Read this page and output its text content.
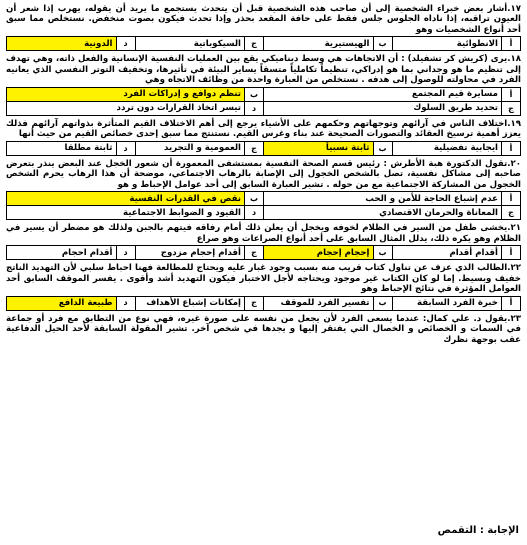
١٧.أشار بعض خبراء الشخصية إلى أن صاحب هذه الشخصية قبل أن يتحدث يستجمع ما يريد أن يقوله، يهرب إذا شعر أن العيون تراقبه، إذا ناداه الجلوس جلس فقط على حافة المقعد بحذر وإذا تحدث فيكون بصوت منخفض. نستخلص مما سبق أحد أنواع الشخصيات وهو

أ	الانطوائية	ب	الهيستيرية	ج	السيكوباتية	د	الدونية

١٨.يرى (كريش كر تشفيلد) : أن الاتجاهات هي وسط ديناميكي يقع بين العمليات النفسية الإنسانية والفعل ذاته، وهي تهدف إلى تنظيم ما هو وجداني بما هو إدراكي، تنظيماً تكاملياً متسقاً يساير البيئة في تأثيرها، وتخفيف التوتر النفسي الذي يعانيه الفرد في محاولته للوصول إلى هدفه . نستخلص من العبارة واحدة من وظائف الاتجاه وهي

أ	مسايرة قيم المجتمع	ب	تنظم دوافع و إدراكات الفرد
ج	تحديد طريق السلوك	د	تيسر اتخاذ القرارات دون تردد

١٩.اختلاف الناس في آرائهم وتوجهاتهم وحكمهم على الأشياء يرجع إلى أهم الاختلاف القيم المتأثرة بذواتهم آرائهم فذلك يعزز أهمية ترسيخ العقائد والتصورات الصحيحة عند بناء وغرس القيم. نستنتج مما سبق إحدى خصائص القيم من حيث أنها

أ	ايجابية تفضيلية	ب	ثابتة نسبياً	ج	العمومية و التجريد	د	ثابتة مطلقا

٢٠.تقول الدكتورة هبة الأطرش : رئيس قسم الصحة النفسية بمستشفى المعمورة أن شعور الخجل عند البعض ينذر بتعرض صاحبه إلى مشاكل نفسية، تصل بالشخص الخجول إلى الإصابة بالرهاب الاجتماعي، موضحة أن هذا الرهاب يحرم الشخص الخجول من المشاركة الاجتماعية مع من حوله . تشير العبارة السابق إلى أحد عوامل الإحباط و هو

أ	عدم إشباع الحاجة للأمن و الحب	ب	نقص في القدرات النفسية
ج	المعاناة والحرمان الاقتصادي	د	القيود و الضوابط الاجتماعية

٢١.يخشى طفل من السير في الظلام لخوفه ويخجل أن يعلن ذلك أمام رفاقه فيتهم بالجبن ولذلك هو مضطر أن يسير في الظلام وهو يكره ذلك، يدلل المثال السابق على أحد أنواع الصراعات وهو صراع

أ	أقدام أقدام	ب	إحجام إحجام	ج	أقدام إحجام مزدوج	د	أقدام احجام

٢٢.الطالب الذي عزف عن تناول كتاب قريب منه بسبب وجود غبار عليه ويحتاج للمطالعة فهنا احباط سلبي لأن التهديد الناتج خفيف وبسيط. إما لو كان الكتاب غير موجود ويحتاجه لأجل الاختبار فيكون التهديد أشد وأقوى . يفسر الموقف السابق أحد العوامل المؤثرة في نتائج الإحباط وهو

أ	خبرة الفرد السابقة	ب	تفسير الفرد للموقف	ج	إمكانات إشباع الأهداف	د	طبيعة الدافع

٢٣.يقول د. علي كمال: عندما يسعى الفرد لأن يجعل من نفسه على صورة غيره، فهي نوع من التطابق مع فرد أو جماعة في السمات و الخصائص و الخصال التي يفتقر إليها و يجدها في شخص آخر. تشير المقولة السابقة لأحد الحيل الدفاعية عقب بوجهة نظرك

الإجابة : التقمص
